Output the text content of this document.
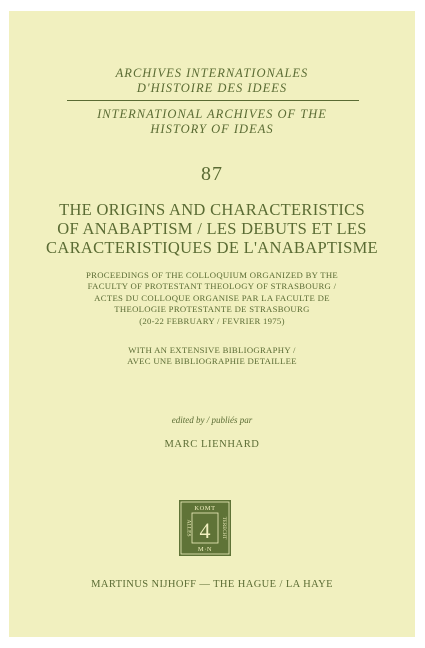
ARCHIVES INTERNATIONALES
D'HISTOIRE DES IDEES
INTERNATIONAL ARCHIVES OF THE
HISTORY OF IDEAS
87
THE ORIGINS AND CHARACTERISTICS
OF ANABAPTISM / LES DEBUTS ET LES
CARACTERISTIQUES DE L'ANABAPTISME
PROCEEDINGS OF THE COLLOQUIUM ORGANIZED BY THE
FACULTY OF PROTESTANT THEOLOGY OF STRASBOURG /
ACTES DU COLLOQUE ORGANISE PAR LA FACULTE DE
THEOLOGIE PROTESTANTE DE STRASBOURG
(20-22 FEBRUARY / FEVRIER 1975)
WITH AN EXTENSIVE BIBLIOGRAPHY /
AVEC UNE BIBLIOGRAPHIE DETAILLEE
edited by / publiés par
MARC LIENHARD
KOMT
M·N
ALLES	TERECHT
4
MARTINUS NIJHOFF — THE HAGUE / LA HAYE
